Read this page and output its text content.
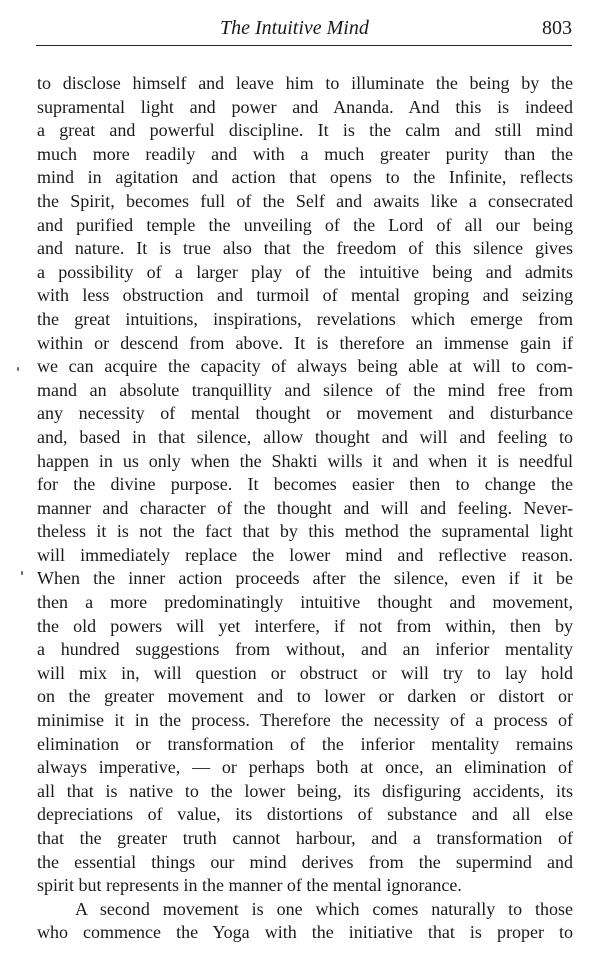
The Intuitive Mind	803
to disclose himself and leave him to illuminate the being by the
supramental light and power and Ananda. And this is indeed
a great and powerful discipline. It is the calm and still mind
much more readily and with a much greater purity than the
mind in agitation and action that opens to the Infinite, reflects
the Spirit, becomes full of the Self and awaits like a consecrated
and purified temple the unveiling of the Lord of all our being
and nature. It is true also that the freedom of this silence gives
a possibility of a larger play of the intuitive being and admits
with less obstruction and turmoil of mental groping and seizing
the great intuitions, inspirations, revelations which emerge from
within or descend from above. It is therefore an immense gain if
we can acquire the capacity of always being able at will to com-
mand an absolute tranquillity and silence of the mind free from
any necessity of mental thought or movement and disturbance
and, based in that silence, allow thought and will and feeling to
happen in us only when the Shakti wills it and when it is needful
for the divine purpose. It becomes easier then to change the
manner and character of the thought and will and feeling. Never-
theless it is not the fact that by this method the supramental light
will immediately replace the lower mind and reflective reason.
When the inner action proceeds after the silence, even if it be
then a more predominatingly intuitive thought and movement,
the old powers will yet interfere, if not from within, then by
a hundred suggestions from without, and an inferior mentality
will mix in, will question or obstruct or will try to lay hold
on the greater movement and to lower or darken or distort or
minimise it in the process. Therefore the necessity of a process of
elimination or transformation of the inferior mentality remains
always imperative, — or perhaps both at once, an elimination of
all that is native to the lower being, its disfiguring accidents, its
depreciations of value, its distortions of substance and all else
that the greater truth cannot harbour, and a transformation of
the essential things our mind derives from the supermind and
spirit but represents in the manner of the mental ignorance.
A second movement is one which comes naturally to those
who commence the Yoga with the initiative that is proper to
